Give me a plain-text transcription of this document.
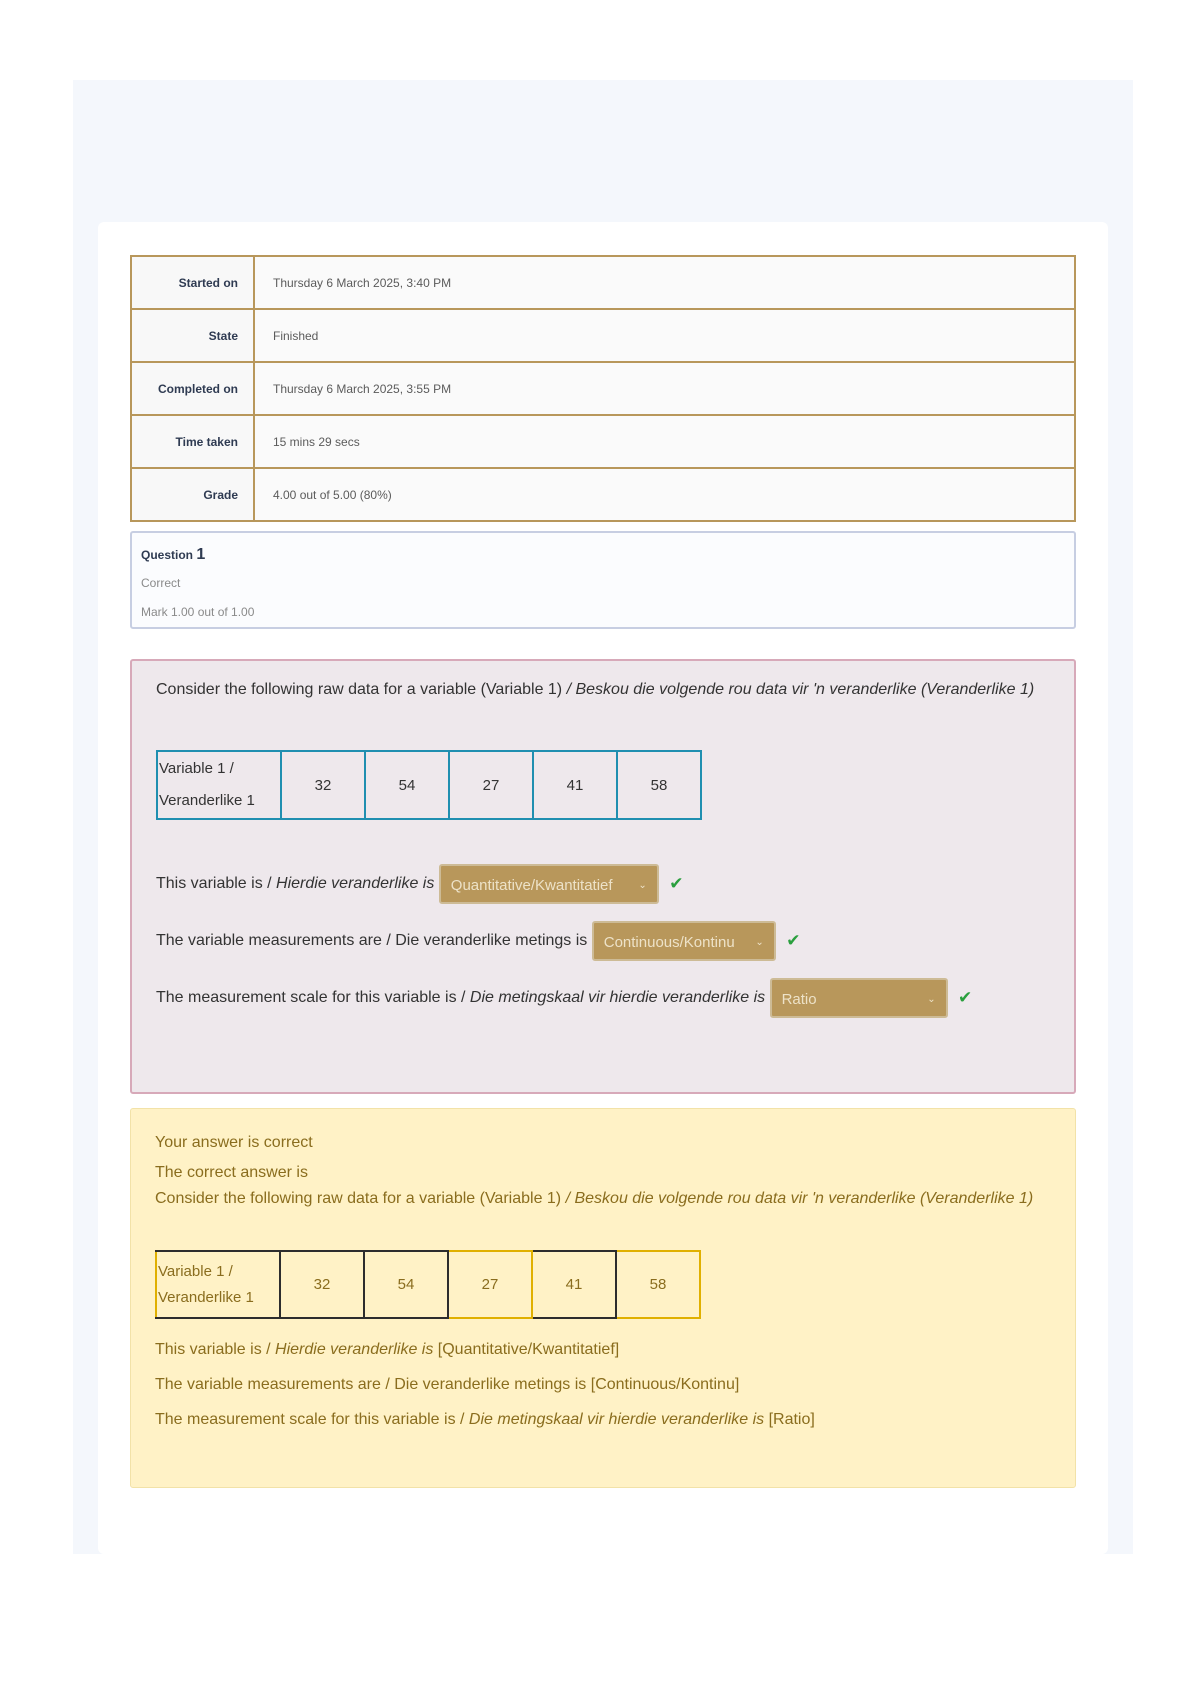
Started on	Thursday 6 March 2025, 3:40 PM
State	Finished
Completed on	Thursday 6 March 2025, 3:55 PM
Time taken	15 mins 29 secs
Grade	4.00 out of 5.00 (80%)
Question 1
Correct
Mark 1.00 out of 1.00
Consider the following raw data for a variable (Variable 1) / Beskou die volgende rou data vir 'n veranderlike (Veranderlike 1)
Variable 1 / Veranderlike 1	32	54	27	41	58
This variable is / Hierdie veranderlike is Quantitative/Kwantitatief	⌄ ✔
The variable measurements are / Die veranderlike metings is Continuous/Kontinu ⌄ ✔
The measurement scale for this variable is / Die metingskaal vir hierdie veranderlike is Ratio	⌄ ✔
Your answer is correct
The correct answer is
Consider the following raw data for a variable (Variable 1) / Beskou die volgende rou data vir 'n veranderlike (Veranderlike 1)
Variable 1 / Veranderlike 1	32	54	27	41	58
This variable is / Hierdie veranderlike is [Quantitative/Kwantitatief]
The variable measurements are / Die veranderlike metings is [Continuous/Kontinu]
The measurement scale for this variable is / Die metingskaal vir hierdie veranderlike is [Ratio]
